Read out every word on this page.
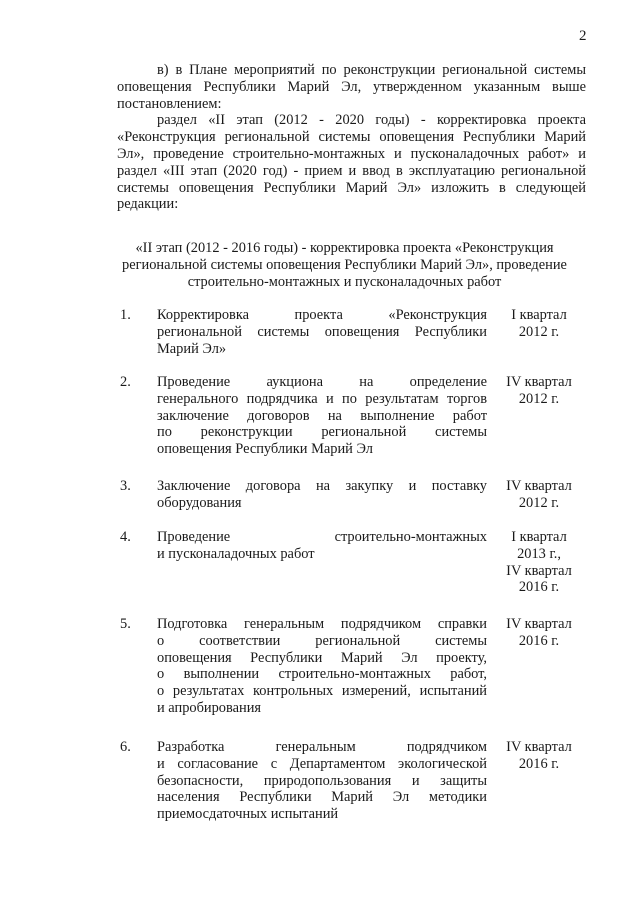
2

в) в Плане мероприятий по реконструкции региональной системы оповещения Республики Марий Эл, утвержденном указанным выше постановлением:

раздел «II этап (2012 - 2020 годы) - корректировка проекта «Реконструкция региональной системы оповещения Республики Марий Эл», проведение строительно-монтажных и пусконаладочных работ» и раздел «III этап (2020 год) - прием и ввод в эксплуатацию региональной системы оповещения Республики Марий Эл» изложить в следующей редакции:

«II этап (2012 - 2016 годы) - корректировка проекта «Реконструкция региональной системы оповещения Республики Марий Эл», проведение строительно-монтажных и пусконаладочных работ
1. Корректировка проекта «Реконструкция
региональной системы оповещения Республики
Марий Эл»
I квартал
2012 г.
2. Проведение аукциона на определение
генерального подрядчика и по результатам торгов
заключение договоров на выполнение работ
по реконструкции региональной системы
оповещения Республики Марий Эл
IV квартал
2012 г.
3. Заключение договора на закупку и поставку
оборудования
IV квартал
2012 г.
4. Проведение строительно-монтажных
и пусконаладочных работ
I квартал
2013 г.,
IV квартал
2016 г.
5. Подготовка генеральным подрядчиком справки
о соответствии региональной системы
оповещения Республики Марий Эл проекту,
о выполнении строительно-монтажных работ,
о результатах контрольных измерений, испытаний
и апробирования
IV квартал
2016 г.
6. Разработка генеральным подрядчиком
и согласование с Департаментом экологической
безопасности, природопользования и защиты
населения Республики Марий Эл методики
приемосдаточных испытаний
IV квартал
2016 г.
